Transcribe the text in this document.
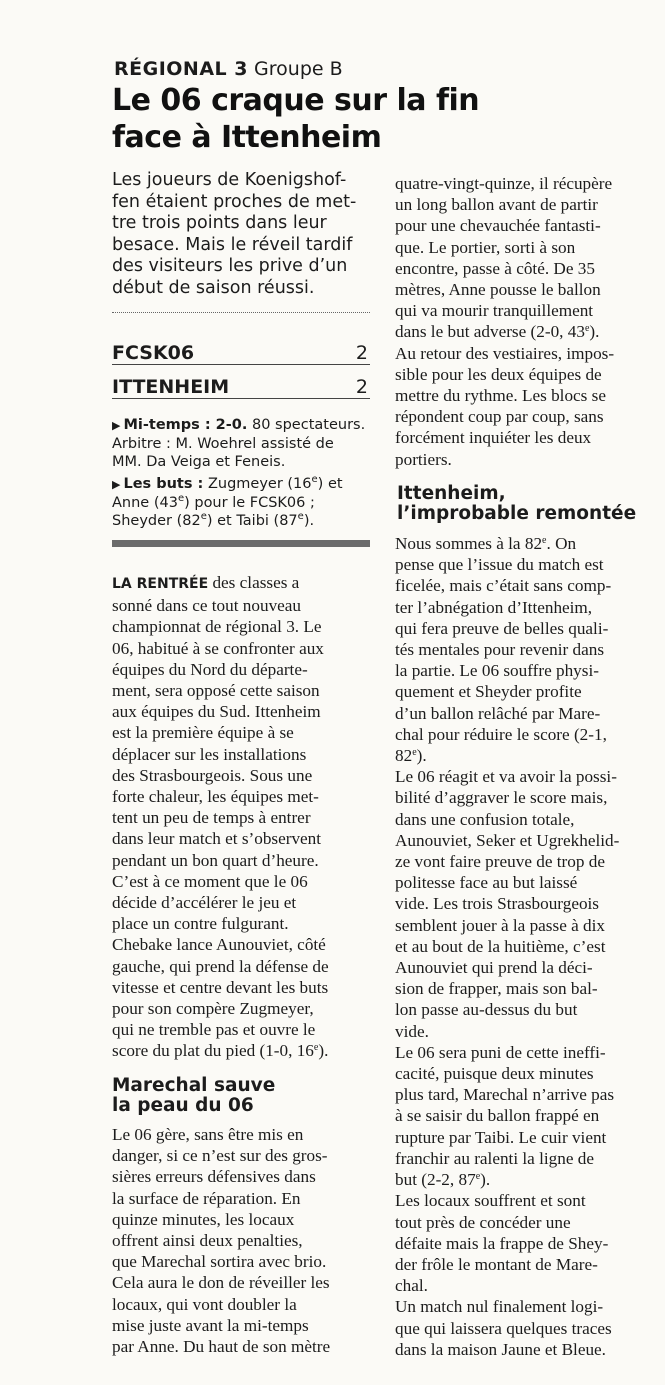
RÉGIONAL 3 Groupe B
Le 06 craque sur la fin
face à Ittenheim
Les joueurs de Koenigshof-
fen étaient proches de met-
tre trois points dans leur
besace. Mais le réveil tardif
des visiteurs les prive d’un
début de saison réussi.
FCSK06	2
ITTENHEIM	2
▶ Mi-temps : 2-0. 80 spectateurs.
Arbitre : M. Woehrel assisté de
MM. Da Veiga et Feneis.
▶ Les buts : Zugmeyer (16e) et
Anne (43e) pour le FCSK06 ;
Sheyder (82e) et Taibi (87e).
LA RENTRÉE des classes a
sonné dans ce tout nouveau
championnat de régional 3. Le
06, habitué à se confronter aux
équipes du Nord du départe-
ment, sera opposé cette saison
aux équipes du Sud. Ittenheim
est la première équipe à se
déplacer sur les installations
des Strasbourgeois. Sous une
forte chaleur, les équipes met-
tent un peu de temps à entrer
dans leur match et s’observent
pendant un bon quart d’heure.
C’est à ce moment que le 06
décide d’accélérer le jeu et
place un contre fulgurant.
Chebake lance Aunouviet, côté
gauche, qui prend la défense de
vitesse et centre devant les buts
pour son compère Zugmeyer,
qui ne tremble pas et ouvre le
score du plat du pied (1-0, 16e).
Marechal sauve
la peau du 06
Le 06 gère, sans être mis en
danger, si ce n’est sur des gros-
sières erreurs défensives dans
la surface de réparation. En
quinze minutes, les locaux
offrent ainsi deux penalties,
que Marechal sortira avec brio.
Cela aura le don de réveiller les
locaux, qui vont doubler la
mise juste avant la mi-temps
par Anne. Du haut de son mètre
quatre-vingt-quinze, il récupère
un long ballon avant de partir
pour une chevauchée fantasti-
que. Le portier, sorti à son
encontre, passe à côté. De 35
mètres, Anne pousse le ballon
qui va mourir tranquillement
dans le but adverse (2-0, 43e).
Au retour des vestiaires, impos-
sible pour les deux équipes de
mettre du rythme. Les blocs se
répondent coup par coup, sans
forcément inquiéter les deux
portiers.
Ittenheim,
l’improbable remontée
Nous sommes à la 82e. On
pense que l’issue du match est
ficelée, mais c’était sans comp-
ter l’abnégation d’Ittenheim,
qui fera preuve de belles quali-
tés mentales pour revenir dans
la partie. Le 06 souffre physi-
quement et Sheyder profite
d’un ballon relâché par Mare-
chal pour réduire le score (2-1,
82e).
Le 06 réagit et va avoir la possi-
bilité d’aggraver le score mais,
dans une confusion totale,
Aunouviet, Seker et Ugrekhelid-
ze vont faire preuve de trop de
politesse face au but laissé
vide. Les trois Strasbourgeois
semblent jouer à la passe à dix
et au bout de la huitième, c’est
Aunouviet qui prend la déci-
sion de frapper, mais son bal-
lon passe au-dessus du but
vide.
Le 06 sera puni de cette ineffi-
cacité, puisque deux minutes
plus tard, Marechal n’arrive pas
à se saisir du ballon frappé en
rupture par Taibi. Le cuir vient
franchir au ralenti la ligne de
but (2-2, 87e).
Les locaux souffrent et sont
tout près de concéder une
défaite mais la frappe de Shey-
der frôle le montant de Mare-
chal.
Un match nul finalement logi-
que qui laissera quelques traces
dans la maison Jaune et Bleue.
